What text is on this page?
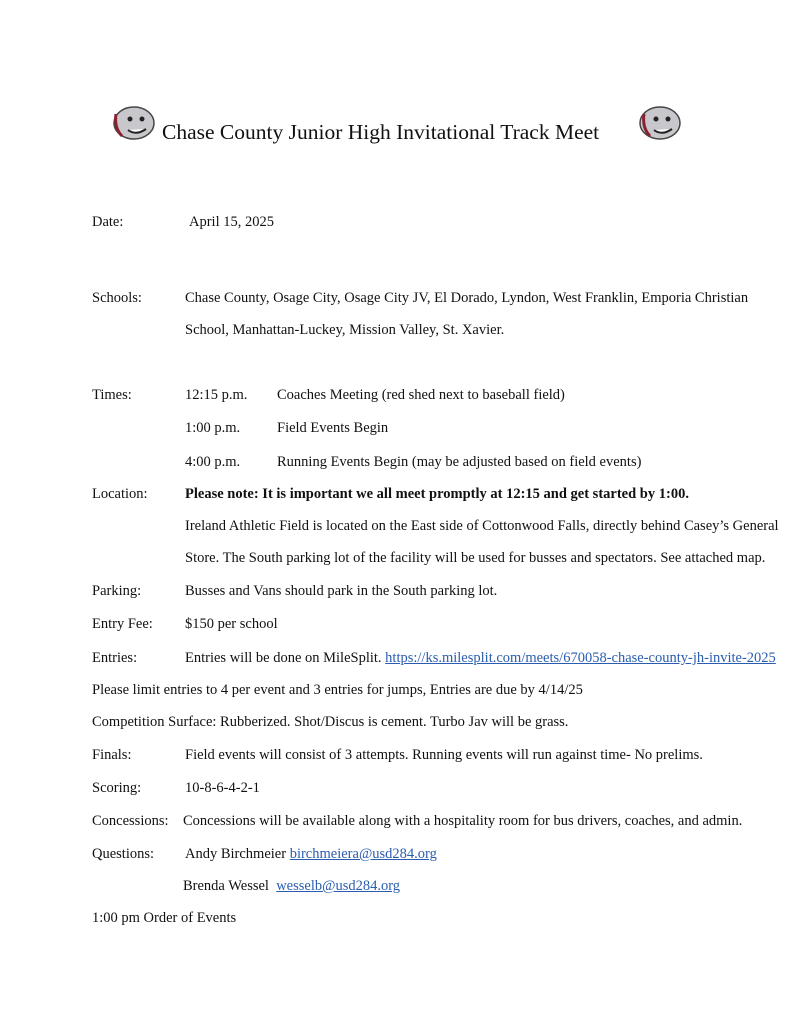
Chase County Junior High Invitational Track Meet
Date:	April 15, 2025
Schools:	Chase County, Osage City, Osage City JV, El Dorado, Lyndon, West Franklin, Emporia Christian
School, Manhattan-Luckey, Mission Valley, St. Xavier.
Times:	12:15 p.m. Coaches Meeting (red shed next to baseball field)
1:00 p.m.	Field Events Begin
4:00 p.m.	Running Events Begin (may be adjusted based on field events)
Location:	Please note: It is important we all meet promptly at 12:15 and get started by 1:00.
Ireland Athletic Field is located on the East side of Cottonwood Falls, directly behind Casey’s General
Store. The South parking lot of the facility will be used for busses and spectators. See attached map.
Parking:	Busses and Vans should park in the South parking lot.
Entry Fee: $150 per school
Entries:	Entries will be done on MileSplit. https://ks.milesplit.com/meets/670058-chase-county-jh-invite-2025
Please limit entries to 4 per event and 3 entries for jumps, Entries are due by 4/14/25
Competition Surface: Rubberized. Shot/Discus is cement. Turbo Jav will be grass.
Finals:	Field events will consist of 3 attempts. Running events will run against time- No prelims.
Scoring:	10-8-6-4-2-1
Concessions: Concessions will be available along with a hospitality room for bus drivers, coaches, and admin.
Questions: Andy Birchmeier birchmeiera@usd284.org
Brenda Wessel wesselb@usd284.org
1:00 pm Order of Events
